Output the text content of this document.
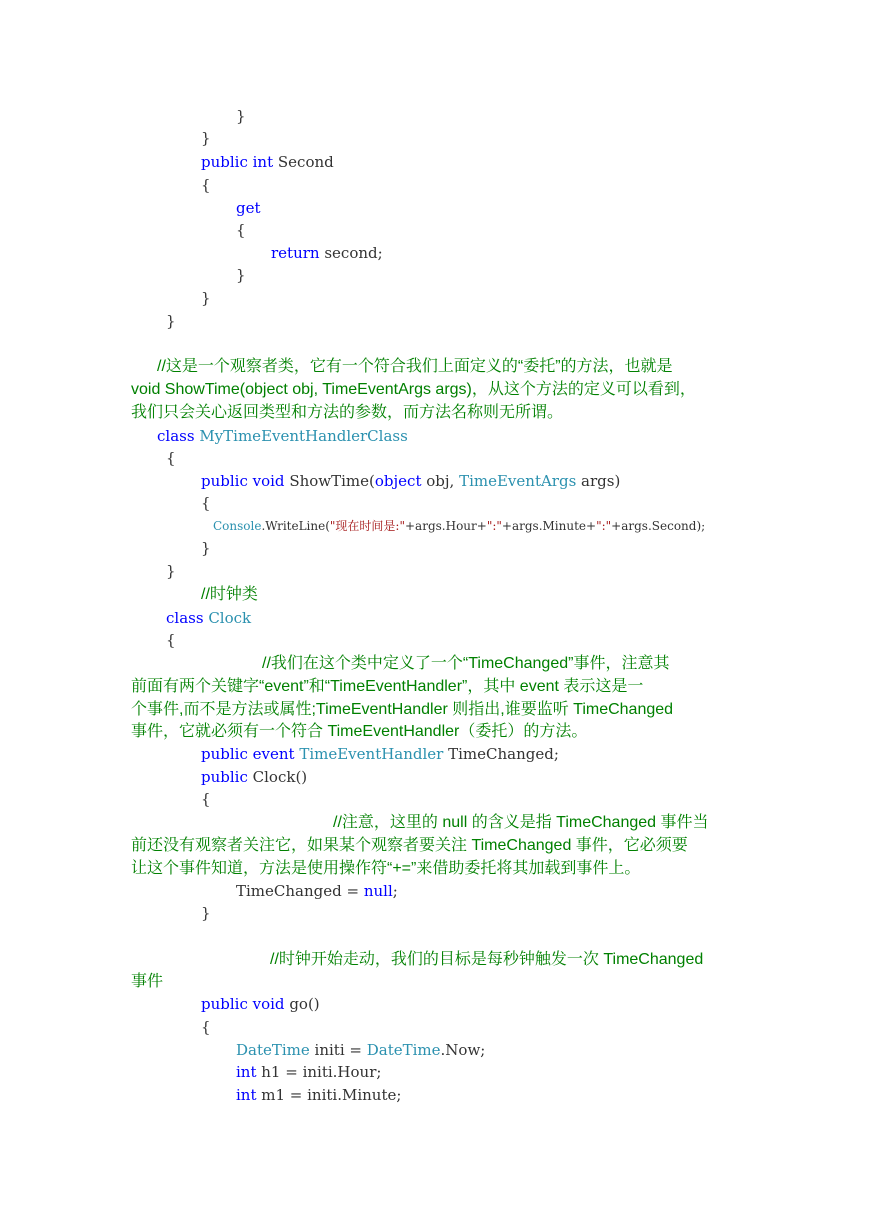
}
}
public int Second
{
get
{
return second;
}
}
}
//这是一个观察者类，它有一个符合我们上面定义的“委托”的方法，也就是
void ShowTime(object obj, TimeEventArgs args)，从这个方法的定义可以看到，
我们只会关心返回类型和方法的参数，而方法名称则无所谓。
class MyTimeEventHandlerClass
{
public void ShowTime(object obj, TimeEventArgs args)
{
Console.WriteLine("现在时间是:"+args.Hour+":"+args.Minute+":"+args.Second);
}
}
//时钟类
class Clock
{
//我们在这个类中定义了一个“TimeChanged”事件，注意其
前面有两个关键字“event”和“TimeEventHandler”，其中 event 表示这是一
个事件,而不是方法或属性;TimeEventHandler 则指出,谁要监听 TimeChanged
事件，它就必须有一个符合 TimeEventHandler（委托）的方法。
public event TimeEventHandler TimeChanged;
public Clock()
{
//注意，这里的 null 的含义是指 TimeChanged 事件当
前还没有观察者关注它，如果某个观察者要关注 TimeChanged 事件，它必须要
让这个事件知道，方法是使用操作符“+=”来借助委托将其加载到事件上。
TimeChanged = null;
}
//时钟开始走动，我们的目标是每秒钟触发一次 TimeChanged
事件
public void go()
{
DateTime initi = DateTime.Now;
int h1 = initi.Hour;
int m1 = initi.Minute;
